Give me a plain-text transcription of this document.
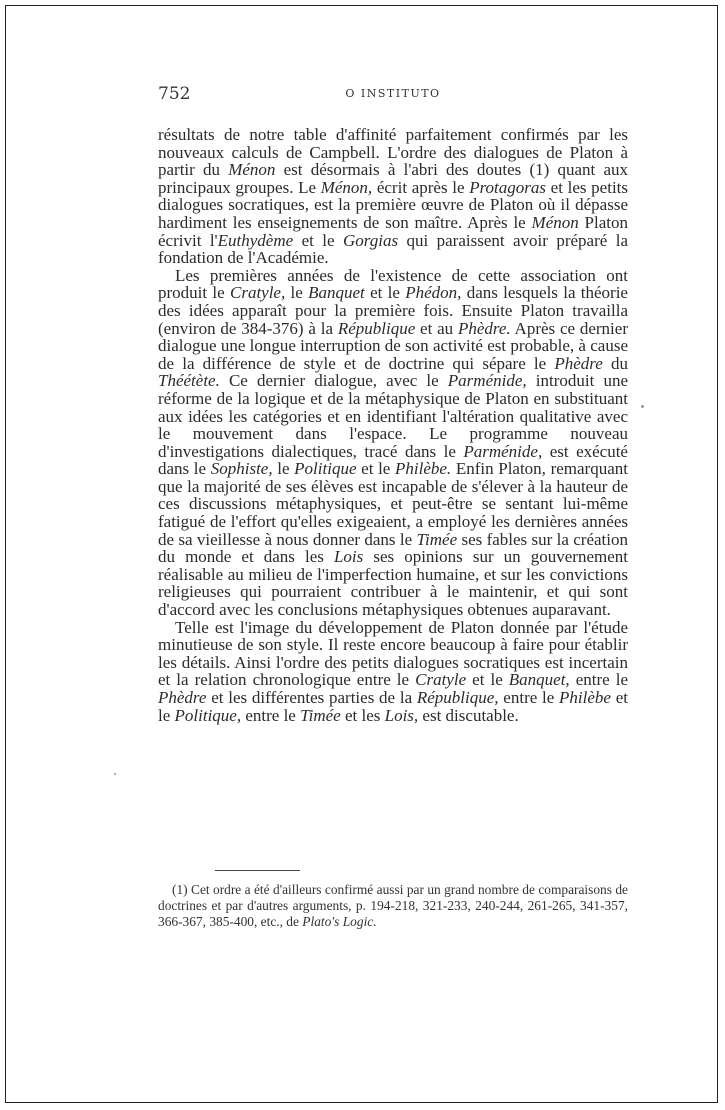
752	O INSTITUTO

résultats de notre table d'affinité parfaitement confirmés par les nouveaux calculs de Campbell. L'ordre des dialogues de Platon à partir du Ménon est désormais à l'abri des doutes (1) quant aux principaux groupes. Le Ménon, écrit après le Protagoras et les petits dialogues socratiques, est la première œuvre de Platon où il dépasse hardiment les enseignements de son maître. Après le Ménon Platon écrivit l'Euthydème et le Gorgias qui paraissent avoir préparé la fondation de l'Académie.

Les premières années de l'existence de cette association ont produit le Cratyle, le Banquet et le Phédon, dans lesquels la théorie des idées apparaît pour la première fois. Ensuite Platon travailla (environ de 384-376) à la République et au Phèdre. Après ce dernier dialogue une longue interruption de son activité est probable, à cause de la différence de style et de doctrine qui sépare le Phèdre du Théétète. Ce dernier dialogue, avec le Parménide, introduit une réforme de la logique et de la métaphysique de Platon en substituant aux idées les catégories et en identifiant l'altération qualitative avec le mouvement dans l'espace. Le programme nouveau d'investigations dialectiques, tracé dans le Parménide, est exécuté dans le Sophiste, le Politique et le Philèbe. Enfin Platon, remarquant que la majorité de ses élèves est incapable de s'élever à la hauteur de ces discussions métaphysiques, et peut-être se sentant lui-même fatigué de l'effort qu'elles exigeaient, a employé les dernières années de sa vieillesse à nous donner dans le Timée ses fables sur la création du monde et dans les Lois ses opinions sur un gouvernement réalisable au milieu de l'imperfection humaine, et sur les convictions religieuses qui pourraient contribuer à le maintenir, et qui sont d'accord avec les conclusions métaphysiques obtenues auparavant.

Telle est l'image du développement de Platon donnée par l'étude minutieuse de son style. Il reste encore beaucoup à faire pour établir les détails. Ainsi l'ordre des petits dialogues socratiques est incertain et la relation chronologique entre le Cratyle et le Banquet, entre le Phèdre et les différentes parties de la République, entre le Philèbe et le Politique, entre le Timée et les Lois, est discutable.

(1) Cet ordre a été d'ailleurs confirmé aussi par un grand nombre de comparaisons de doctrines et par d'autres arguments, p. 194-218, 321-233, 240-244, 261-265, 341-357, 366-367, 385-400, etc., de Plato's Logic.
